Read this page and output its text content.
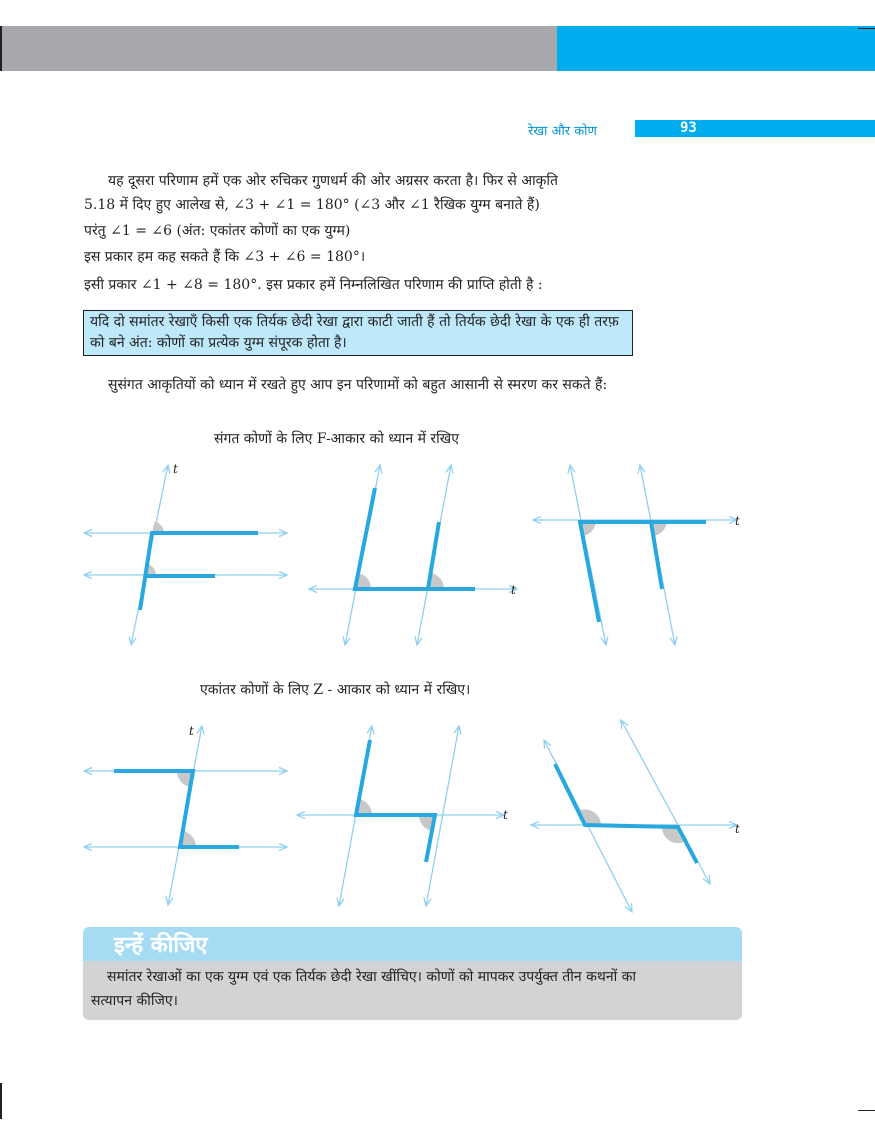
रेखा और कोण	93
यह दूसरा परिणाम हमें एक ओर रुचिकर गुणधर्म की ओर अग्रसर करता है। फिर से आकृति
5.18 में दिए हुए आलेख से, ∠3 + ∠1 = 180° (∠3 और ∠1 रैखिक युग्म बनाते हैं)
परंतु ∠1 = ∠6 (अंत: एकांतर कोणों का एक युग्म)
इस प्रकार हम कह सकते हैं कि ∠3 + ∠6 = 180°।
इसी प्रकार ∠1 + ∠8 = 180°. इस प्रकार हमें निम्नलिखित परिणाम की प्राप्ति होती है :
यदि दो समांतर रेखाएँ किसी एक तिर्यक छेदी रेखा द्वारा काटी जाती हैं तो तिर्यक छेदी रेखा के एक ही तरफ़ को बने अंत: कोणों का प्रत्येक युग्म संपूरक होता है।
सुसंगत आकृतियों को ध्यान में रखते हुए आप इन परिणामों को बहुत आसानी से स्मरण कर सकते हैं:
संगत कोणों के लिए F-आकार को ध्यान में रखिए
एकांतर कोणों के लिए Z - आकार को ध्यान में रखिए।
t
t
t
t
t
t
इन्हें कीजिए
समांतर रेखाओं का एक युग्म एवं एक तिर्यक छेदी रेखा खींचिए। कोणों को मापकर उपर्युक्त तीन कथनों का सत्यापन कीजिए।
